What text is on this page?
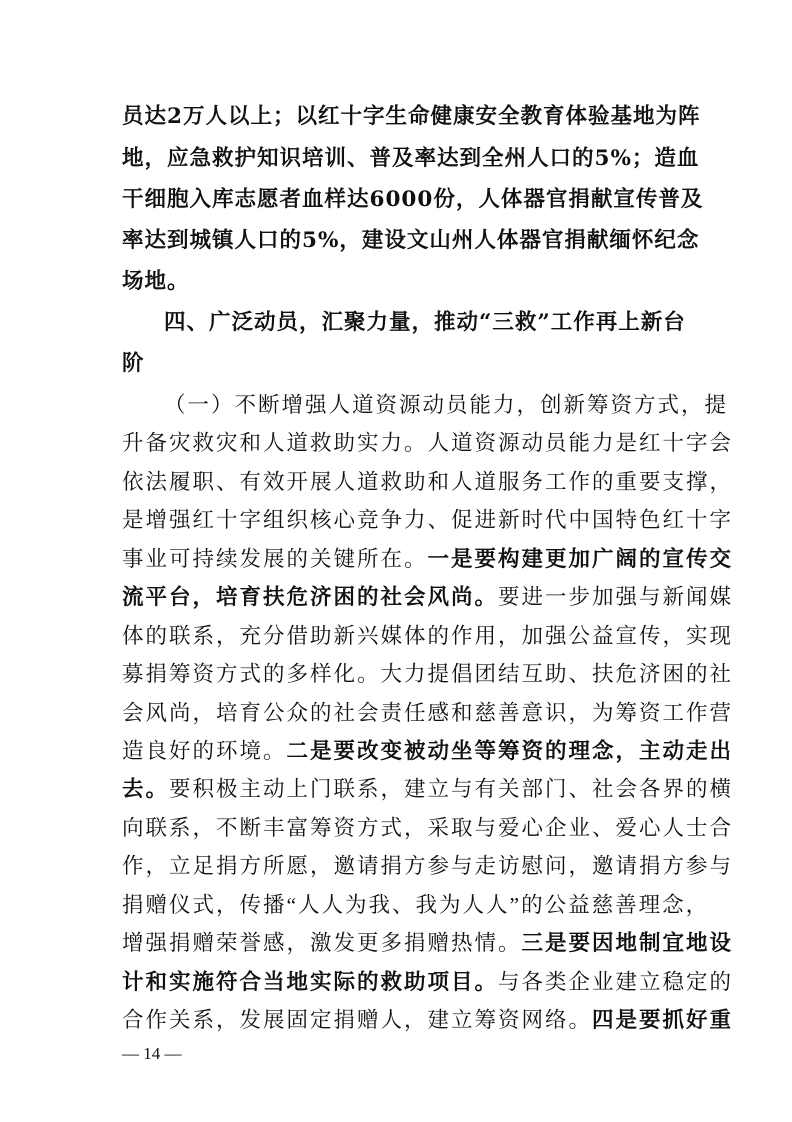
员达2万人以上；以红十字生命健康安全教育体验基地为阵
地，应急救护知识培训、普及率达到全州人口的5%；造血
干细胞入库志愿者血样达6000份，人体器官捐献宣传普及
率达到城镇人口的5%，建设文山州人体器官捐献缅怀纪念
场地。
四、广泛动员，汇聚力量，推动“三救”工作再上新台
阶
（一）不断增强人道资源动员能力，创新筹资方式，提
升备灾救灾和人道救助实力。人道资源动员能力是红十字会
依法履职、有效开展人道救助和人道服务工作的重要支撑，
是增强红十字组织核心竞争力、促进新时代中国特色红十字
事业可持续发展的关键所在。一是要构建更加广阔的宣传交
流平台，培育扶危济困的社会风尚。要进一步加强与新闻媒
体的联系，充分借助新兴媒体的作用，加强公益宣传，实现
募捐筹资方式的多样化。大力提倡团结互助、扶危济困的社
会风尚，培育公众的社会责任感和慈善意识，为筹资工作营
造良好的环境。二是要改变被动坐等筹资的理念，主动走出
去。要积极主动上门联系，建立与有关部门、社会各界的横
向联系，不断丰富筹资方式，采取与爱心企业、爱心人士合
作，立足捐方所愿，邀请捐方参与走访慰问，邀请捐方参与
捐赠仪式，传播“人人为我、我为人人”的公益慈善理念，
增强捐赠荣誉感，激发更多捐赠热情。三是要因地制宜地设
计和实施符合当地实际的救助项目。与各类企业建立稳定的
— 14 —
合作关系，发展固定捐赠人，建立筹资网络。四是要抓好重
